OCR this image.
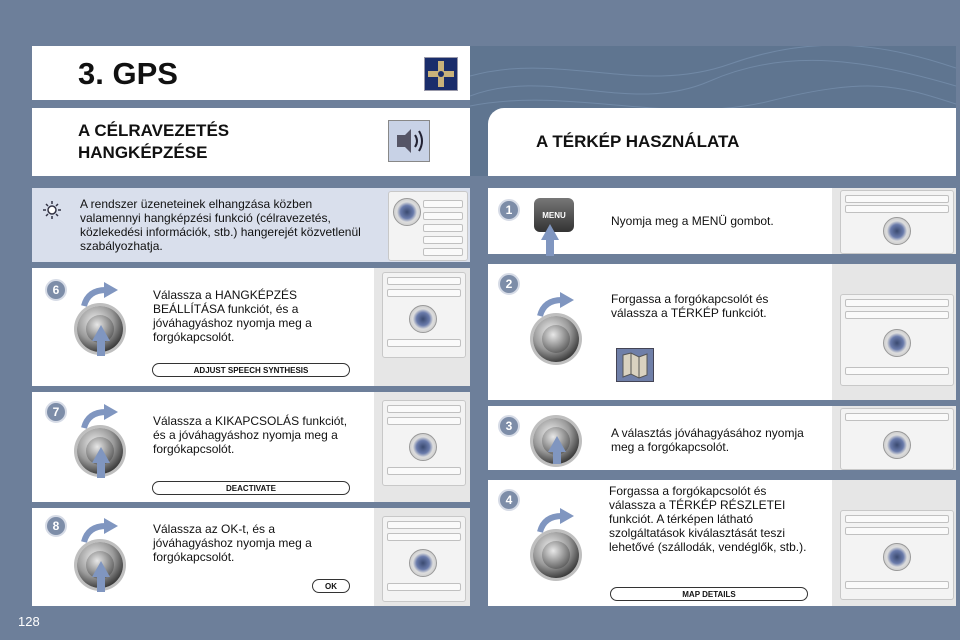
3. GPS
A CÉLRAVEZETÉS
HANGKÉPZÉSE
A TÉRKÉP HASZNÁLATA
A rendszer üzeneteinek elhangzása közben valamennyi hangképzési funkció (célravezetés, közlekedési információk, stb.) hangerejét közvetlenül szabályozhatja.
6	Válassza a HANGKÉPZÉS BEÁLLÍTÁSA funkciót, és a jóváhagyáshoz nyomja meg a forgókapcsolót.
ADJUST SPEECH SYNTHESIS
7
Válassza a KIKAPCSOLÁS funkciót, és a jóváhagyáshoz nyomja meg a forgókapcsolót.
DEACTIVATE
8	Válassza az OK-t, és a jóváhagyáshoz nyomja meg a forgókapcsolót.
OK
1	MENU	Nyomja meg a MENÜ gombot.
2
Forgassa a forgókapcsolót és válassza a TÉRKÉP funkciót.
3	A választás jóváhagyásához nyomja meg a forgókapcsolót.
4
Forgassa a forgókapcsolót és válassza a TÉRKÉP RÉSZLETEI funkciót. A térképen látható szolgáltatások kiválasztását teszi lehetővé (szállodák, vendéglők, stb.).
MAP DETAILS
128
